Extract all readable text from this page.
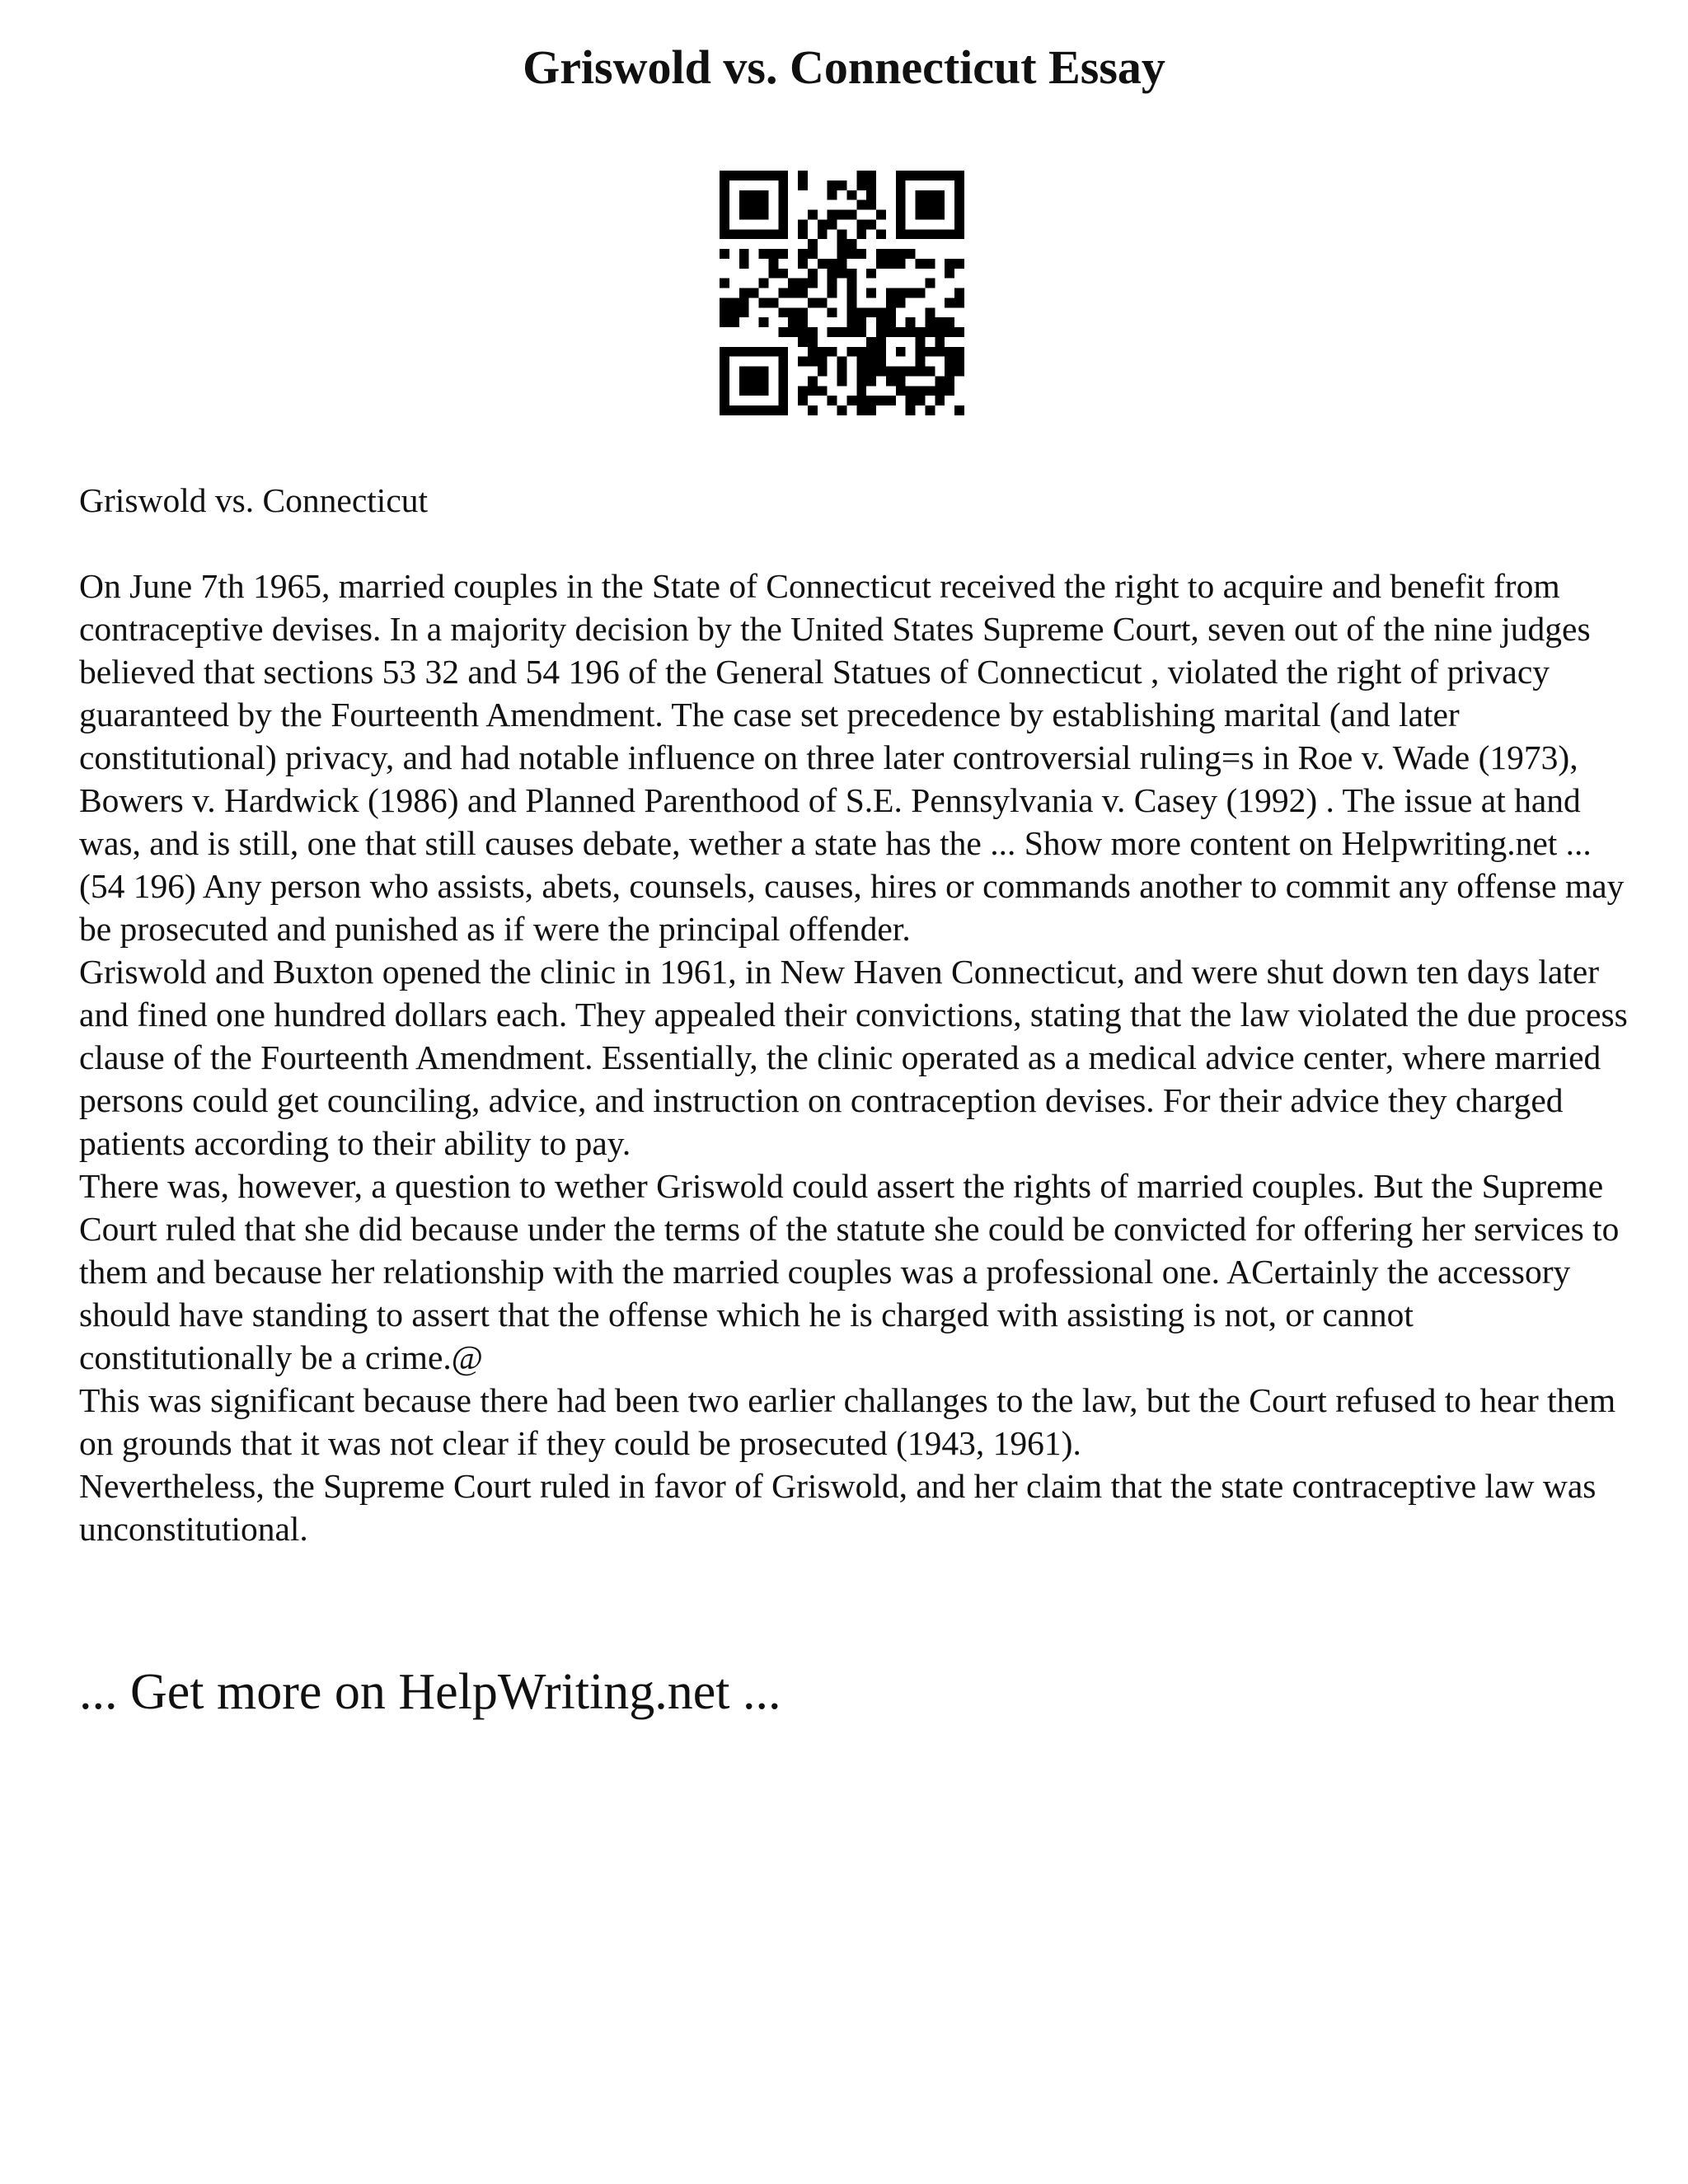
Griswold vs. Connecticut Essay

Griswold vs. Connecticut

On June 7th 1965, married couples in the State of Connecticut received the right to acquire and benefit from contraceptive devises. In a majority decision by the United States Supreme Court, seven out of the nine judges believed that sections 53 32 and 54 196 of the General Statues of Connecticut , violated the right of privacy guaranteed by the Fourteenth Amendment. The case set precedence by establishing marital (and later constitutional) privacy, and had notable influence on three later controversial ruling=s in Roe v. Wade (1973), Bowers v. Hardwick (1986) and Planned Parenthood of S.E. Pennsylvania v. Casey (1992) . The issue at hand was, and is still, one that still causes debate, wether a state has the ... Show more content on Helpwriting.net ...

(54 196) Any person who assists, abets, counsels, causes, hires or commands another to commit any offense may be prosecuted and punished as if were the principal offender.

Griswold and Buxton opened the clinic in 1961, in New Haven Connecticut, and were shut down ten days later and fined one hundred dollars each. They appealed their convictions, stating that the law violated the due process clause of the Fourteenth Amendment. Essentially, the clinic operated as a medical advice center, where married persons could get counciling, advice, and instruction on contraception devises. For their advice they charged patients according to their ability to pay.

There was, however, a question to wether Griswold could assert the rights of married couples. But the Supreme Court ruled that she did because under the terms of the statute she could be convicted for offering her services to them and because her relationship with the married couples was a professional one. ACertainly the accessory should have standing to assert that the offense which he is charged with assisting is not, or cannot constitutionally be a crime.@

This was significant because there had been two earlier challanges to the law, but the Court refused to hear them on grounds that it was not clear if they could be prosecuted (1943, 1961).

Nevertheless, the Supreme Court ruled in favor of Griswold, and her claim that the state contraceptive law was unconstitutional.

... Get more on HelpWriting.net ...
